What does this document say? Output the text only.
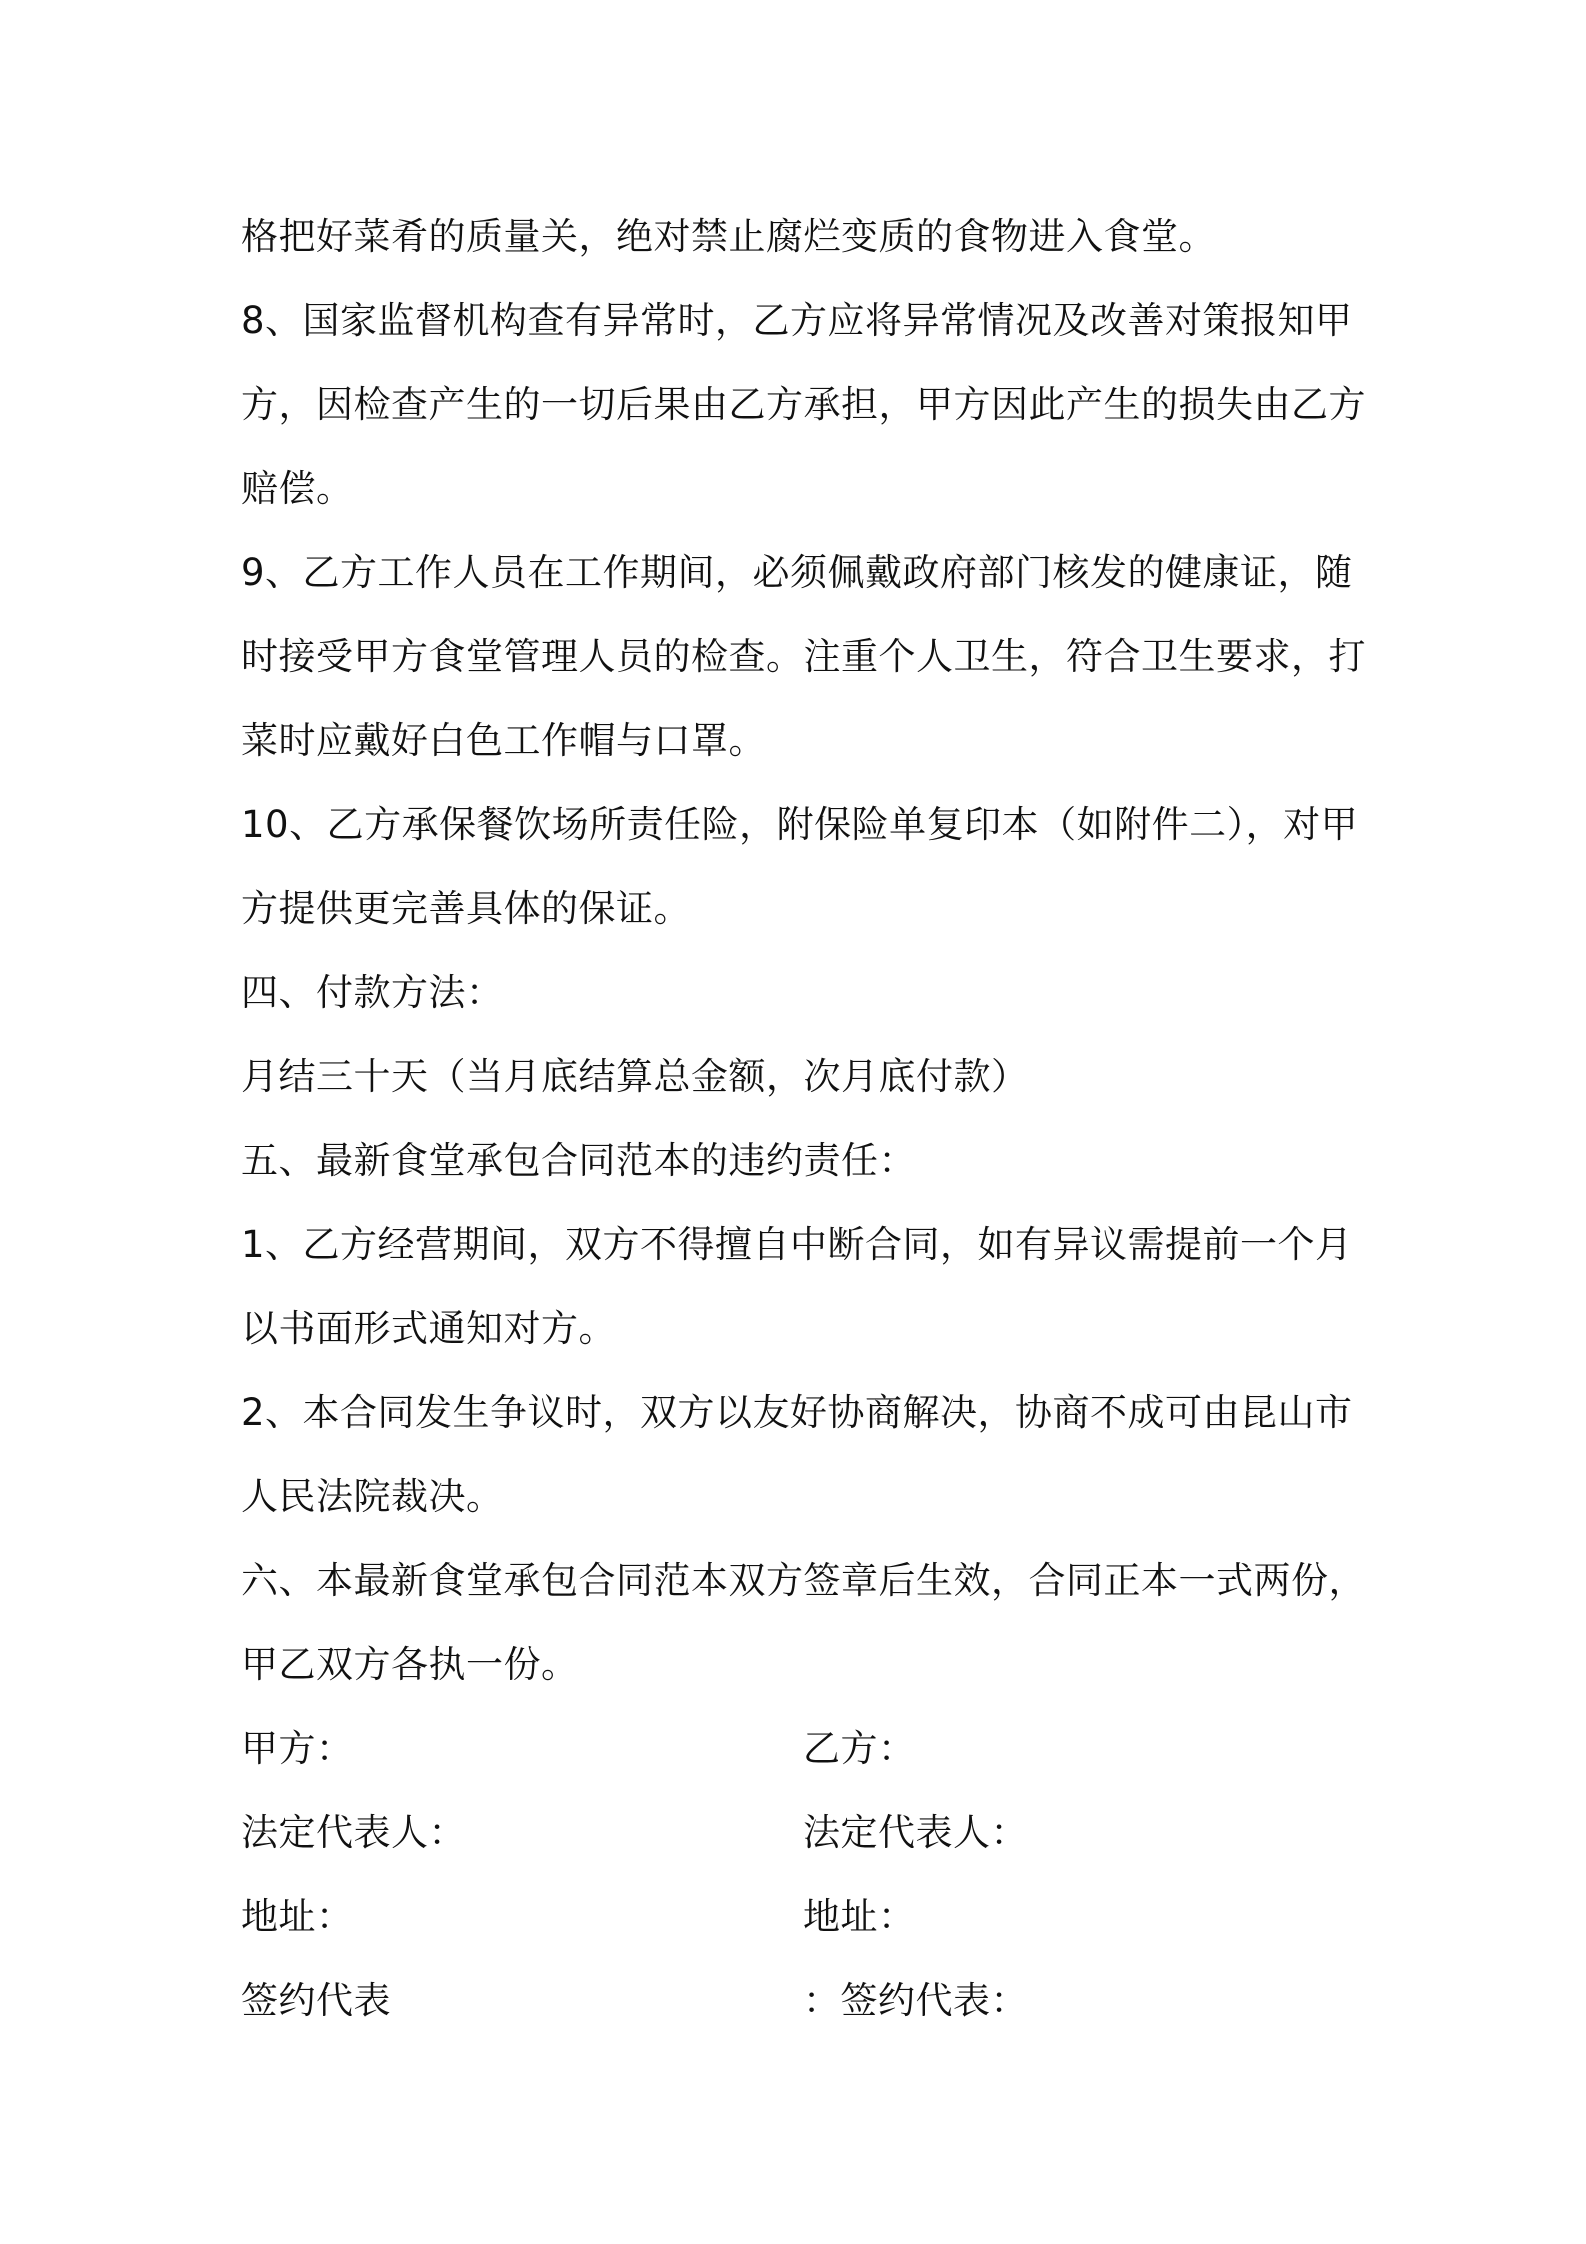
格把好菜肴的质量关，绝对禁止腐烂变质的食物进入食堂。
8、国家监督机构查有异常时，乙方应将异常情况及改善对策报知甲
方，因检查产生的一切后果由乙方承担，甲方因此产生的损失由乙方
赔偿。
9、乙方工作人员在工作期间，必须佩戴政府部门核发的健康证，随
时接受甲方食堂管理人员的检查。注重个人卫生，符合卫生要求，打
菜时应戴好白色工作帽与口罩。
10、乙方承保餐饮场所责任险，附保险单复印本（如附件二），对甲
方提供更完善具体的保证。
四、付款方法：
月结三十天（当月底结算总金额，次月底付款）
五、最新食堂承包合同范本的违约责任：
1、乙方经营期间，双方不得擅自中断合同，如有异议需提前一个月
以书面形式通知对方。
2、本合同发生争议时，双方以友好协商解决，协商不成可由昆山市
人民法院裁决。
六、本最新食堂承包合同范本双方签章后生效，合同正本一式两份，
甲乙双方各执一份。
甲方：	乙方：
法定代表人：	法定代表人：
地址：	地址：
签约代表	：签约代表：
